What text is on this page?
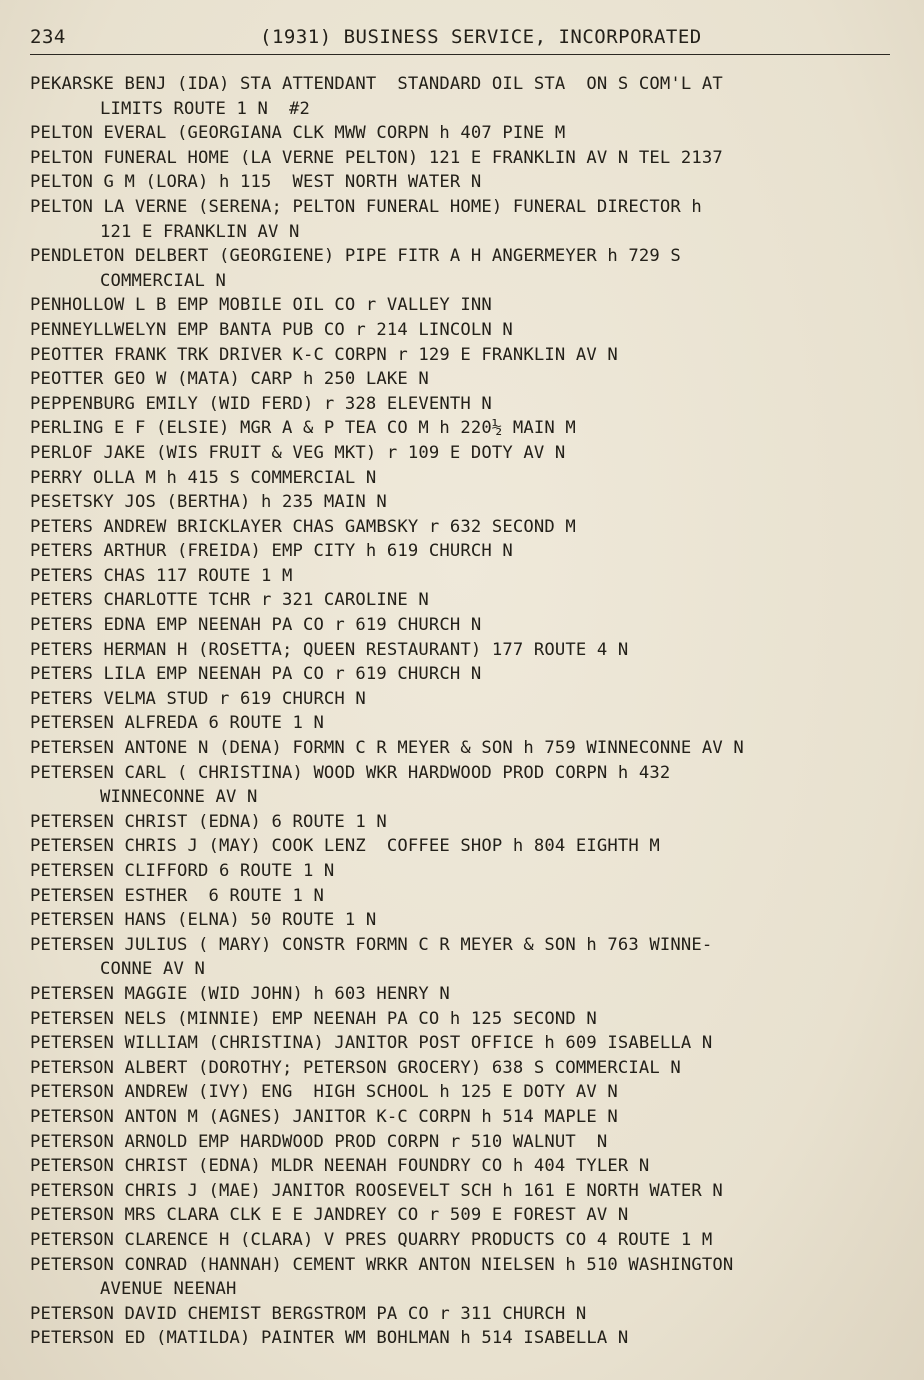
234	(1931) BUSINESS SERVICE, INCORPORATED
PEKARSKE BENJ (IDA) STA ATTENDANT  STANDARD OIL STA  ON S COM'L AT
LIMITS ROUTE 1 N  #2
PELTON EVERAL (GEORGIANA CLK MWW CORPN h 407 PINE M
PELTON FUNERAL HOME (LA VERNE PELTON) 121 E FRANKLIN AV N TEL 2137
PELTON G M (LORA) h 115  WEST NORTH WATER N
PELTON LA VERNE (SERENA; PELTON FUNERAL HOME) FUNERAL DIRECTOR h
121 E FRANKLIN AV N
PENDLETON DELBERT (GEORGIENE) PIPE FITR A H ANGERMEYER h 729 S
COMMERCIAL N
PENHOLLOW L B EMP MOBILE OIL CO r VALLEY INN
PENNEYLLWELYN EMP BANTA PUB CO r 214 LINCOLN N
PEOTTER FRANK TRK DRIVER K-C CORPN r 129 E FRANKLIN AV N
PEOTTER GEO W (MATA) CARP h 250 LAKE N
PEPPENBURG EMILY (WID FERD) r 328 ELEVENTH N
PERLING E F (ELSIE) MGR A & P TEA CO M h 220½ MAIN M
PERLOF JAKE (WIS FRUIT & VEG MKT) r 109 E DOTY AV N
PERRY OLLA M h 415 S COMMERCIAL N
PESETSKY JOS (BERTHA) h 235 MAIN N
PETERS ANDREW BRICKLAYER CHAS GAMBSKY r 632 SECOND M
PETERS ARTHUR (FREIDA) EMP CITY h 619 CHURCH N
PETERS CHAS 117 ROUTE 1 M
PETERS CHARLOTTE TCHR r 321 CAROLINE N
PETERS EDNA EMP NEENAH PA CO r 619 CHURCH N
PETERS HERMAN H (ROSETTA; QUEEN RESTAURANT) 177 ROUTE 4 N
PETERS LILA EMP NEENAH PA CO r 619 CHURCH N
PETERS VELMA STUD r 619 CHURCH N
PETERSEN ALFREDA 6 ROUTE 1 N
PETERSEN ANTONE N (DENA) FORMN C R MEYER & SON h 759 WINNECONNE AV N
PETERSEN CARL ( CHRISTINA) WOOD WKR HARDWOOD PROD CORPN h 432
WINNECONNE AV N
PETERSEN CHRIST (EDNA) 6 ROUTE 1 N
PETERSEN CHRIS J (MAY) COOK LENZ  COFFEE SHOP h 804 EIGHTH M
PETERSEN CLIFFORD 6 ROUTE 1 N
PETERSEN ESTHER  6 ROUTE 1 N
PETERSEN HANS (ELNA) 50 ROUTE 1 N
PETERSEN JULIUS ( MARY) CONSTR FORMN C R MEYER & SON h 763 WINNE-
CONNE AV N
PETERSEN MAGGIE (WID JOHN) h 603 HENRY N
PETERSEN NELS (MINNIE) EMP NEENAH PA CO h 125 SECOND N
PETERSEN WILLIAM (CHRISTINA) JANITOR POST OFFICE h 609 ISABELLA N
PETERSON ALBERT (DOROTHY; PETERSON GROCERY) 638 S COMMERCIAL N
PETERSON ANDREW (IVY) ENG  HIGH SCHOOL h 125 E DOTY AV N
PETERSON ANTON M (AGNES) JANITOR K-C CORPN h 514 MAPLE N
PETERSON ARNOLD EMP HARDWOOD PROD CORPN r 510 WALNUT  N
PETERSON CHRIST (EDNA) MLDR NEENAH FOUNDRY CO h 404 TYLER N
PETERSON CHRIS J (MAE) JANITOR ROOSEVELT SCH h 161 E NORTH WATER N
PETERSON MRS CLARA CLK E E JANDREY CO r 509 E FOREST AV N
PETERSON CLARENCE H (CLARA) V PRES QUARRY PRODUCTS CO 4 ROUTE 1 M
PETERSON CONRAD (HANNAH) CEMENT WRKR ANTON NIELSEN h 510 WASHINGTON
AVENUE NEENAH
PETERSON DAVID CHEMIST BERGSTROM PA CO r 311 CHURCH N
PETERSON ED (MATILDA) PAINTER WM BOHLMAN h 514 ISABELLA N
